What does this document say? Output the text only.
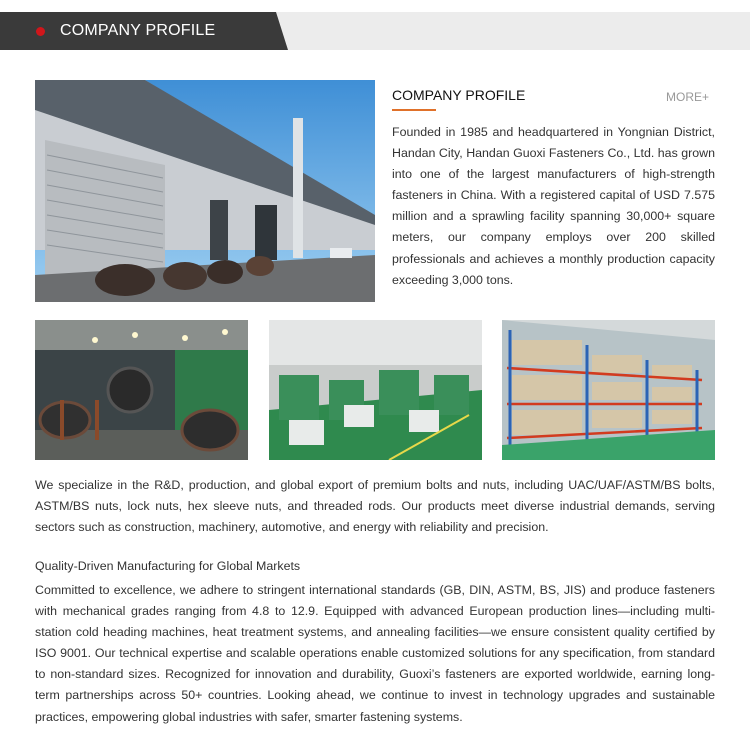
COMPANY PROFILE
COMPANY PROFILE	MORE+
Founded in 1985 and headquartered in Yongnian District, Handan City, Handan Guoxi Fasteners Co., Ltd. has grown into one of the largest manufacturers of high-strength fasteners in China. With a registered capital of USD 7.575 million and a sprawling facility spanning 30,000+ square meters, our company employs over 200 skilled professionals and achieves a monthly production capacity exceeding 3,000 tons.
We specialize in the R&D, production, and global export of premium bolts and nuts, including UAC/UAF/ASTM/BS bolts, ASTM/BS nuts, lock nuts, hex sleeve nuts, and threaded rods. Our products meet diverse industrial demands, serving sectors such as construction, machinery, automotive, and energy with reliability and precision.
Quality-Driven Manufacturing for Global Markets
Committed to excellence, we adhere to stringent international standards (GB, DIN, ASTM, BS, JIS) and produce fasteners with mechanical grades ranging from 4.8 to 12.9. Equipped with advanced European production lines—including multi-station cold heading machines, heat treatment systems, and annealing facilities—we ensure consistent quality certified by ISO 9001. Our technical expertise and scalable operations enable customized solutions for any specification, from standard to non-standard sizes. Recognized for innovation and durability, Guoxi’s fasteners are exported worldwide, earning long-term partnerships across 50+ countries. Looking ahead, we continue to invest in technology upgrades and sustainable practices, empowering global industries with safer, smarter fastening systems.
